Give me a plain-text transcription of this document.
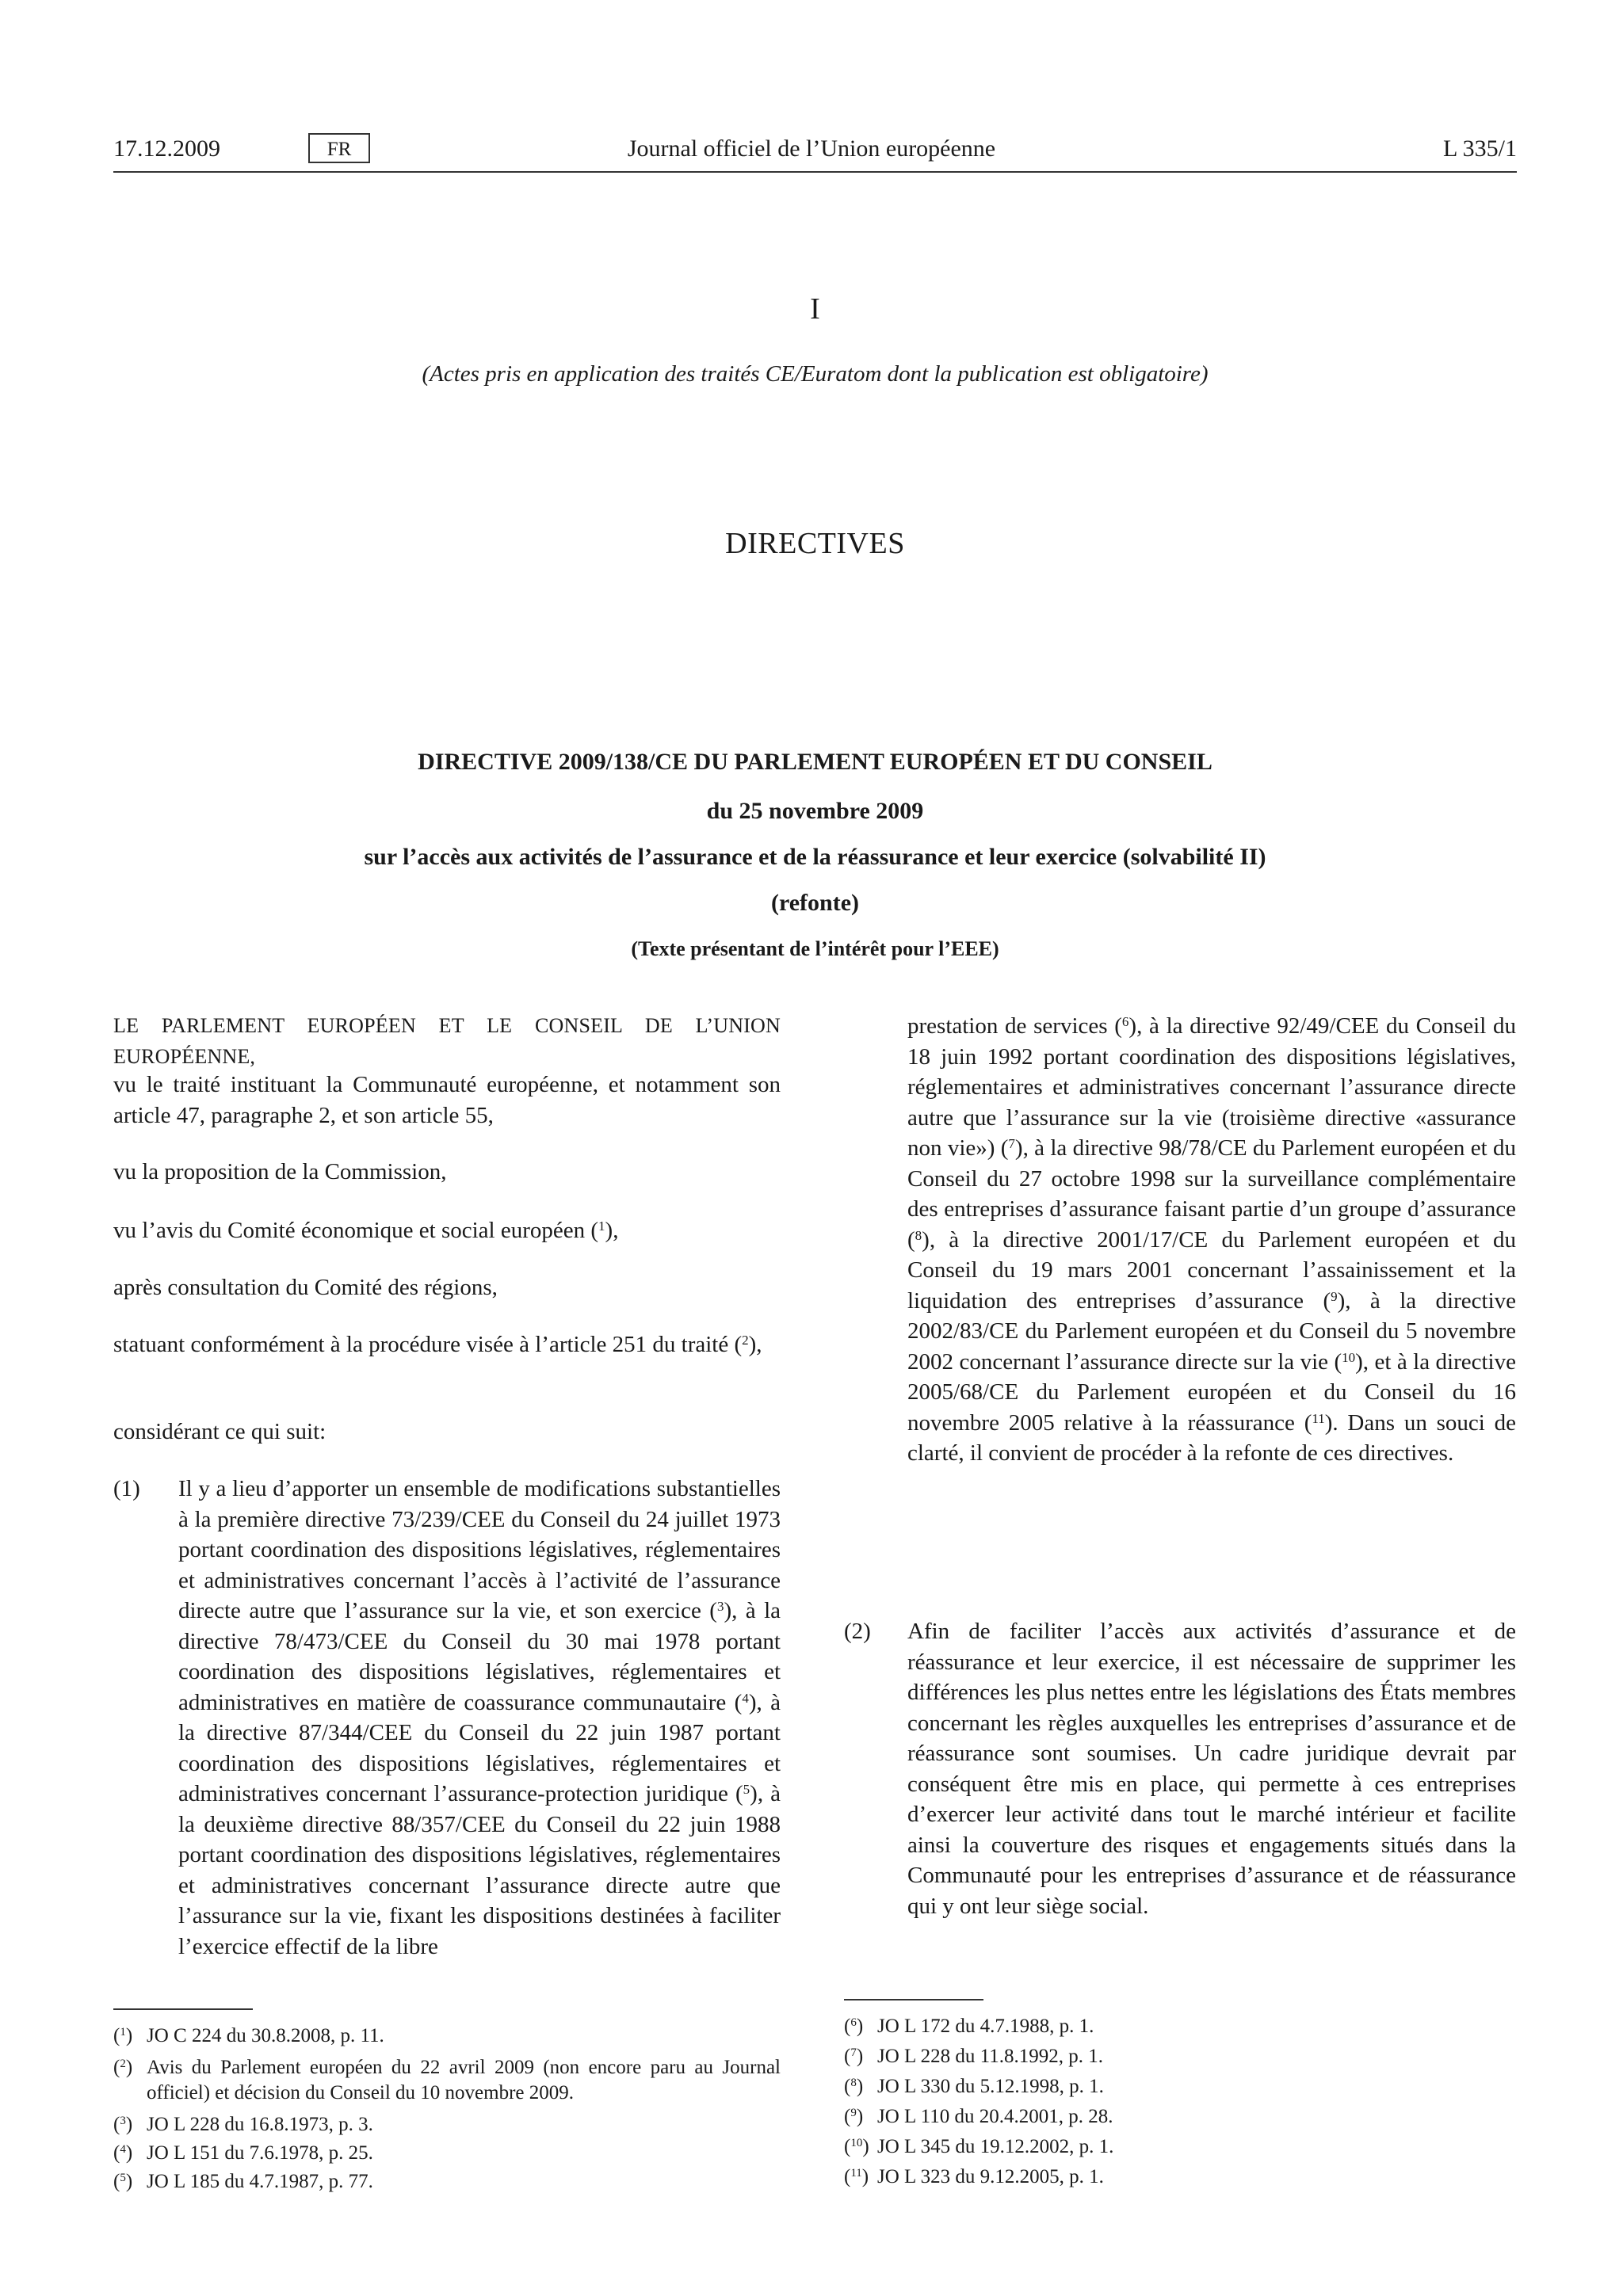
17.12.2009	FR	Journal officiel de l’Union européenne	L 335/1
I
(Actes pris en application des traités CE/Euratom dont la publication est obligatoire)
DIRECTIVES
DIRECTIVE 2009/138/CE DU PARLEMENT EUROPÉEN ET DU CONSEIL
du 25 novembre 2009
sur l’accès aux activités de l’assurance et de la réassurance et leur exercice (solvabilité II)
(refonte)
(Texte présentant de l’intérêt pour l’EEE)

LE PARLEMENT EUROPÉEN ET LE CONSEIL DE L’UNION EUROPÉENNE,

vu le traité instituant la Communauté européenne, et notamment son article 47, paragraphe 2, et son article 55,

vu la proposition de la Commission,

vu l’avis du Comité économique et social européen ($^1$),

après consultation du Comité des régions,

statuant conformément à la procédure visée à l’article 251 du traité ($^2$),

considérant ce qui suit:

(1)	Il y a lieu d’apporter un ensemble de modifications substantielles à la première directive 73/239/CEE du Conseil du 24 juillet 1973 portant coordination des dispositions législatives, réglementaires et administratives concernant l’accès à l’activité de l’assurance directe autre que l’assurance sur la vie, et son exercice ($^3$), à la directive 78/473/CEE du Conseil du 30 mai 1978 portant coordination des dispositions législatives, réglementaires et administratives en matière de coassurance communautaire ($^4$), à la directive 87/344/CEE du Conseil du 22 juin 1987 portant coordination des dispositions législatives, réglementaires et administratives concernant l’assurance-protection juridique ($^5$), à la deuxième directive 88/357/CEE du Conseil du 22 juin 1988 portant coordination des dispositions législatives, réglementaires et administratives concernant l’assurance directe autre que l’assurance sur la vie, fixant les dispositions destinées à faciliter l’exercice effectif de la libre
prestation de services ($^6$), à la directive 92/49/CEE du Conseil du 18 juin 1992 portant coordination des dispositions législatives, réglementaires et administratives concernant l’assurance directe autre que l’assurance sur la vie (troisième directive «assurance non vie») ($^7$), à la directive 98/78/CE du Parlement européen et du Conseil du 27 octobre 1998 sur la surveillance complémentaire des entreprises d’assurance faisant partie d’un groupe d’assurance ($^8$), à la directive 2001/17/CE du Parlement européen et du Conseil du 19 mars 2001 concernant l’assainissement et la liquidation des entreprises d’assurance ($^9$), à la directive 2002/83/CE du Parlement européen et du Conseil du 5 novembre 2002 concernant l’assurance directe sur la vie ($^{10}$), et à la directive 2005/68/CE du Parlement européen et du Conseil du 16 novembre 2005 relative à la réassurance ($^{11}$). Dans un souci de clarté, il convient de procéder à la refonte de ces directives.
(2)	Afin de faciliter l’accès aux activités d’assurance et de réassurance et leur exercice, il est nécessaire de supprimer les différences les plus nettes entre les législations des États membres concernant les règles auxquelles les entreprises d’assurance et de réassurance sont soumises. Un cadre juridique devrait par conséquent être mis en place, qui permette à ces entreprises d’exercer leur activité dans tout le marché intérieur et facilite ainsi la couverture des risques et engagements situés dans la Communauté pour les entreprises d’assurance et de réassurance qui y ont leur siège social.
($^1$) JO C 224 du 30.8.2008, p. 11.
($^2$) Avis du Parlement européen du 22 avril 2009 (non encore paru au Journal officiel) et décision du Conseil du 10 novembre 2009.
($^3$) JO L 228 du 16.8.1973, p. 3.
($^4$) JO L 151 du 7.6.1978, p. 25.
($^5$) JO L 185 du 4.7.1987, p. 77.
($^6$) JO L 172 du 4.7.1988, p. 1.
($^7$) JO L 228 du 11.8.1992, p. 1.
($^8$) JO L 330 du 5.12.1998, p. 1.
($^9$) JO L 110 du 20.4.2001, p. 28.
($^{10}$) JO L 345 du 19.12.2002, p. 1.
($^{11}$) JO L 323 du 9.12.2005, p. 1.
